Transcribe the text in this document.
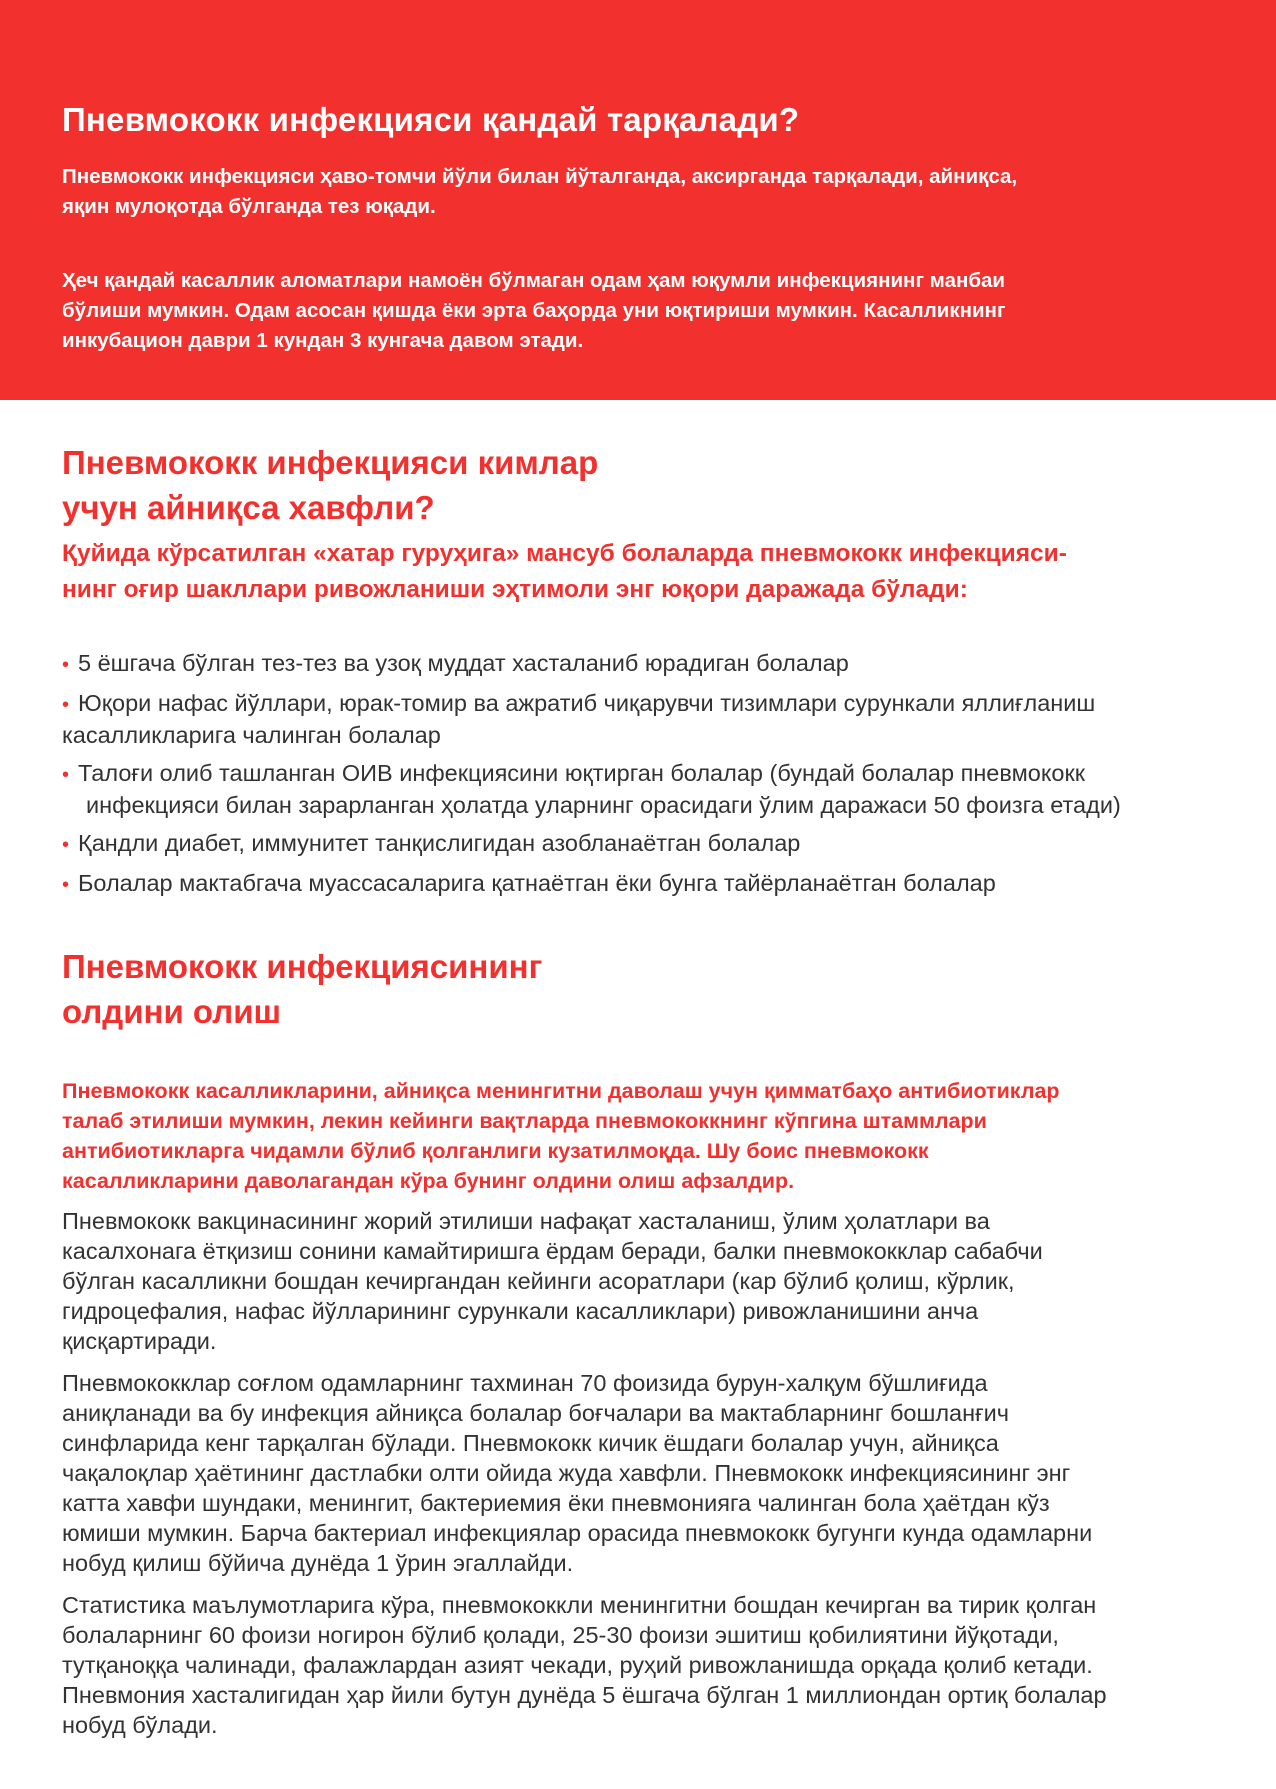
Пневмококк инфекцияси қандай тарқалади?

Пневмококк инфекцияси ҳаво-томчи йўли билан йўталганда, аксирганда тарқалади, айниқса,
яқин мулоқотда бўлганда тез юқади.

Ҳеч қандай касаллик аломатлари намоён бўлмаган одам ҳам юқумли инфекциянинг манбаи
бўлиши мумкин. Одам асосан қишда ёки эрта баҳорда уни юқтириши мумкин. Касалликнинг
инкубацион даври 1 кундан 3 кунгача давом этади.

Пневмококк инфекцияси кимлар
учун айниқса хавфли?

Қуйида кўрсатилган «хатар гуруҳига» мансуб болаларда пневмококк инфекцияси-
нинг оғир шакллари ривожланиши эҳтимоли энг юқори даражада бўлади:

• 5 ёшгача бўлган тез-тез ва узоқ муддат хасталаниб юрадиган болалар
• Юқори нафас йўллари, юрак-томир ва ажратиб чиқарувчи тизимлари сурункали яллиғланиш
касалликларига чалинган болалар
• Талоғи олиб ташланган ОИВ инфекциясини юқтирган болалар (бундай болалар пневмококк
инфекцияси билан зарарланган ҳолатда уларнинг орасидаги ўлим даражаси 50 фоизга етади)
• Қандли диабет, иммунитет танқислигидан азобланаётган болалар
• Болалар мактабгача муассасаларига қатнаётган ёки бунга тайёрланаётган болалар
Пневмококк инфекциясининг
олдини олиш

Пневмококк касалликларини, айниқса менингитни даволаш учун қимматбаҳо антибиотиклар
талаб этилиши мумкин, лекин кейинги вақтларда пневмококкнинг кўпгина штаммлари
антибиотикларга чидамли бўлиб қолганлиги кузатилмоқда. Шу боис пневмококк
касалликларини даволагандан кўра бунинг олдини олиш афзалдир.

Пневмококк вакцинасининг жорий этилиши нафақат хасталаниш, ўлим ҳолатлари ва
касалхонага ётқизиш сонини камайтиришга ёрдам беради, балки пневмококклар сабабчи
бўлган касалликни бошдан кечиргандан кейинги асоратлари (кар бўлиб қолиш, кўрлик,
гидроцефалия, нафас йўлларининг сурункали касалликлари) ривожланишини анча
қисқартиради.

Пневмококклар соғлом одамларнинг тахминан 70 фоизида бурун-халқум бўшлиғида
аниқланади ва бу инфекция айниқса болалар боғчалари ва мактабларнинг бошланғич
синфларида кенг тарқалган бўлади. Пневмококк кичик ёшдаги болалар учун, айниқса
чақалоқлар ҳаётининг дастлабки олти ойида жуда хавфли. Пневмококк инфекциясининг энг
катта хавфи шундаки, менингит, бактериемия ёки пневмонияга чалинган бола ҳаётдан кўз
юмиши мумкин. Барча бактериал инфекциялар орасида пневмококк бугунги кунда одамларни
нобуд қилиш бўйича дунёда 1 ўрин эгаллайди.

Статистика маълумотларига кўра, пневмококкли менингитни бошдан кечирган ва тирик қолган
болаларнинг 60 фоизи ногирон бўлиб қолади, 25-30 фоизи эшитиш қобилиятини йўқотади,
тутқаноққа чалинади, фалажлардан азият чекади, руҳий ривожланишда орқада қолиб кетади.
Пневмония хасталигидан ҳар йили бутун дунёда 5 ёшгача бўлган 1 миллиондан ортиқ болалар
нобуд бўлади.
